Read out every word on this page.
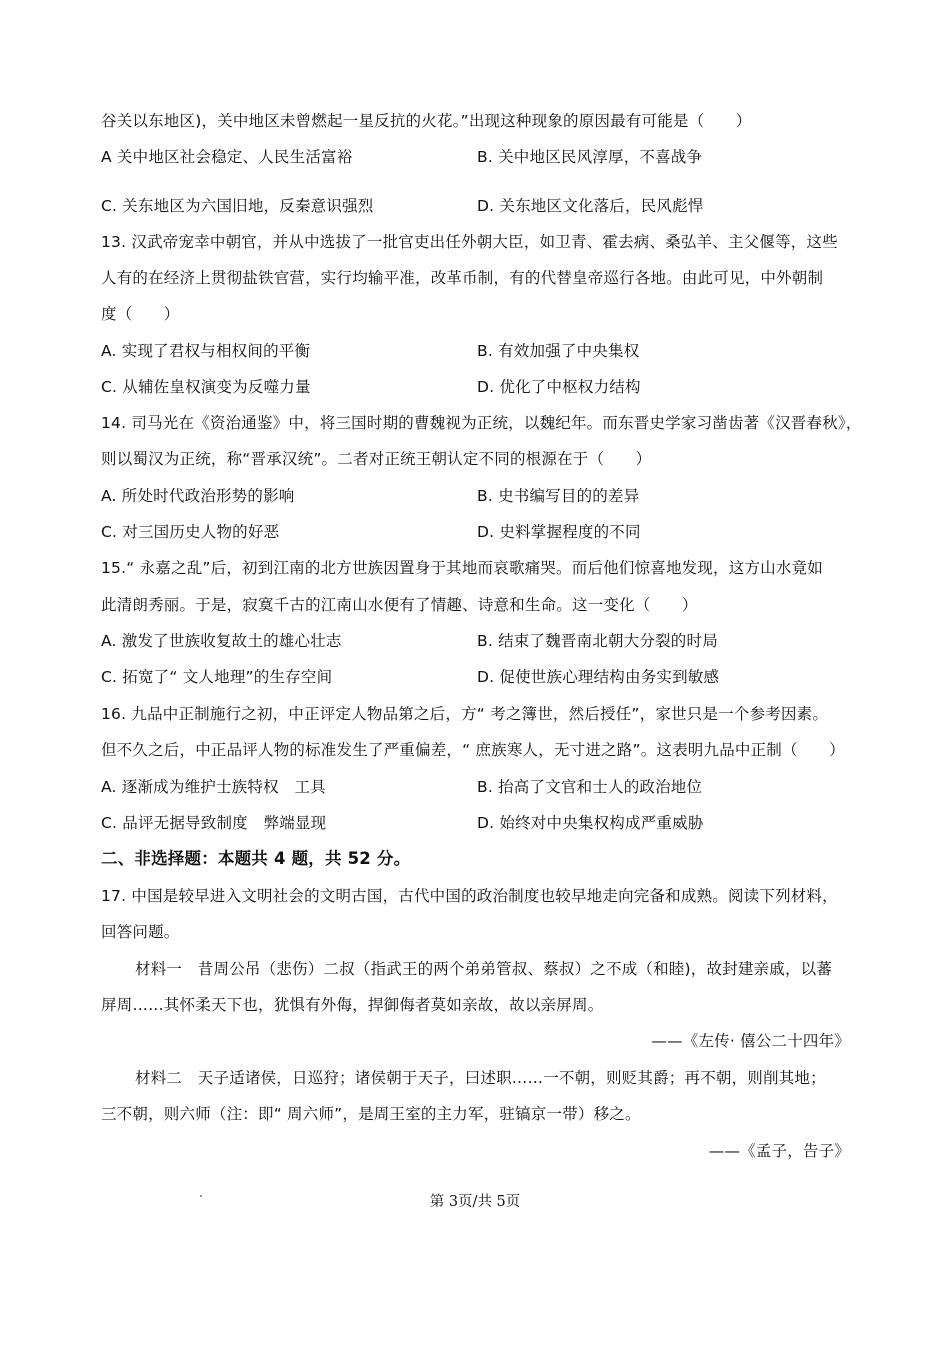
谷关以东地区)，关中地区未曾燃起一星反抗的火花。”出现这种现象的原因最有可能是（　　）
A 关中地区社会稳定、人民生活富裕	B. 关中地区民风淳厚，不喜战争
C. 关东地区为六国旧地，反秦意识强烈	D. 关东地区文化落后，民风彪悍
13. 汉武帝宠幸中朝官，并从中选拔了一批官吏出任外朝大臣，如卫青、霍去病、桑弘羊、主父偃等，这些
人有的在经济上贯彻盐铁官营，实行均输平准，改革币制，有的代替皇帝巡行各地。由此可见，中外朝制
度（　　）
A. 实现了君权与相权间的平衡	B. 有效加强了中央集权
C. 从辅佐皇权演变为反噬力量	D. 优化了中枢权力结构
14. 司马光在《资治通鉴》中，将三国时期的曹魏视为正统，以魏纪年。而东晋史学家习凿齿著《汉晋春秋》，
则以蜀汉为正统，称“晋承汉统”。二者对正统王朝认定不同的根源在于（　　）
A. 所处时代政治形势的影响	B. 史书编写目的的差异
C. 对三国历史人物的好恶	D. 史料掌握程度的不同
15.“ 永嘉之乱”后，初到江南的北方世族因置身于其地而哀歌痛哭。而后他们惊喜地发现，这方山水竟如
此清朗秀丽。于是，寂寞千古的江南山水便有了情趣、诗意和生命。这一变化（　　）
A. 激发了世族收复故土的雄心壮志	B. 结束了魏晋南北朝大分裂的时局
C. 拓宽了“ 文人地理”的生存空间	D. 促使世族心理结构由务实到敏感
16. 九品中正制施行之初，中正评定人物品第之后，方“ 考之簿世，然后授任”，家世只是一个参考因素。
但不久之后，中正品评人物的标准发生了严重偏差，“ 庶族寒人，无寸进之路”。这表明九品中正制（　　）
A. 逐渐成为维护士族特权　工具	B. 抬高了文官和士人的政治地位
C. 品评无据导致制度　弊端显现	D. 始终对中央集权构成严重威胁
二、非选择题：本题共 4 题，共 52 分。
17. 中国是较早进入文明社会的文明古国，古代中国的政治制度也较早地走向完备和成熟。阅读下列材料，
回答问题。
材料一　昔周公吊（悲伤）二叔（指武王的两个弟弟管叔、蔡叔）之不成（和睦)，故封建亲戚，以蕃
屏周……其怀柔天下也，犹惧有外侮，捍御侮者莫如亲故，故以亲屏周。
——《左传· 僖公二十四年》
材料二　天子适诸侯，日巡狩；诸侯朝于天子，曰述职……一不朝，则贬其爵；再不朝，则削其地；
三不朝，则六师（注：即“ 周六师”，是周王室的主力军，驻镐京一带）移之。
——《孟子，告子》
第 3页/共 5页
